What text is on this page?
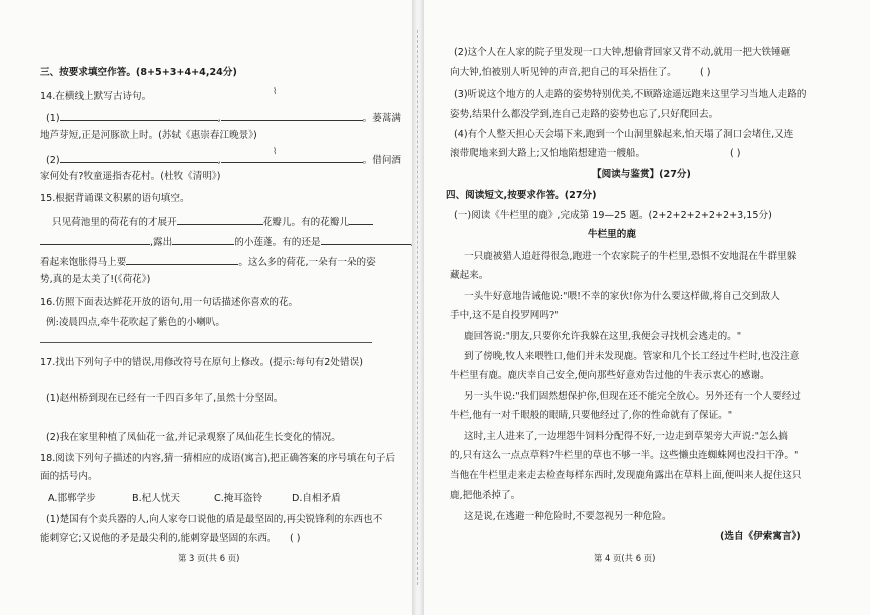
三、按要求填空作答。(8+5+3+4+4,24分)
14.在横线上默写古诗句。
(1)	,	。蒌蒿满
地芦芽短,正是河豚欲上时。(苏轼《惠崇春江晚景》)
(2)	,	。借问酒
家何处有?牧童遥指杏花村。(杜牧《清明》)
⌇
⌇
15.根据背诵课文积累的语句填空。
只见荷池里的荷花有的才展开	花瓣儿。有的花瓣儿
,露出	的小莲蓬。有的还是
看起来饱胀得马上要	。这么多的荷花,一朵有一朵的姿
势,真的是太美了!(《荷花》)
16.仿照下面表达鲜花开放的语句,用一句话描述你喜欢的花。
例:凌晨四点,牵牛花吹起了紫色的小喇叭。
17.找出下列句子中的错误,用修改符号在原句上修改。(提示:每句有2处错误)
(1)赵州桥到现在已经有一千四百多年了,虽然十分坚固。
(2)我在家里种植了凤仙花一盆,并记录观察了凤仙花生长变化的情况。
18.阅读下列句子描述的内容,猜一猜相应的成语(寓言),把正确答案的序号填在句子后
面的括号内。
A.邯郸学步	B.杞人忧天	C.掩耳盗铃	D.自相矛盾
(1)楚国有个卖兵器的人,向人家夸口说他的盾是最坚固的,再尖锐锋利的东西也不
能刺穿它;又说他的矛是最尖利的,能刺穿最坚固的东西。 ( )
第 3 页(共 6 页)
(2)这个人在人家的院子里发现一口大钟,想偷背回家又背不动,就用一把大铁锤砸
向大钟,怕被别人听见钟的声音,把自己的耳朵捂住了。 ( )
(3)听说这个地方的人走路的姿势特别优美,不顾路途遥远跑来这里学习当地人走路的
姿势,结果什么都没学到,连自己走路的姿势也忘了,只好爬回去。
(4)有个人整天担心天会塌下来,跑到一个山洞里躲起来,怕天塌了洞口会堵住,又连
滚带爬地来到大路上;又怕地陷想建造一艘船。	( )
【阅读与鉴赏】(27分)
四、阅读短文,按要求作答。(27分)
(一)阅读《牛栏里的鹿》,完成第 19—25 题。(2+2+2+2+2+2+3,15分)
牛栏里的鹿
一只鹿被猎人追赶得很急,跑进一个农家院子的牛栏里,恐惧不安地混在牛群里躲
藏起来。
一头牛好意地告诫他说:"喂!不幸的家伙!你为什么要这样做,将自己交到敌人
手中,这不是自投罗网吗?"
鹿回答说:"朋友,只要你允许我躲在这里,我便会寻找机会逃走的。"
到了傍晚,牧人来喂牲口,他们并未发现鹿。管家和几个长工经过牛栏时,也没注意
牛栏里有鹿。鹿庆幸自己安全,便向那些好意劝告过他的牛表示衷心的感谢。
另一头牛说:"我们固然想保护你,但现在还不能完全放心。另外还有一个人要经过
牛栏,他有一对千眼般的眼睛,只要他经过了,你的性命就有了保证。"
这时,主人进来了,一边埋怨牛饲料分配得不好,一边走到草架旁大声说:"怎么搞
的,只有这么一点点草料?牛栏里的草也不够一半。这些懒虫连蜘蛛网也没扫干净。"
当他在牛栏里走来走去检查每样东西时,发现鹿角露出在草料上面,便叫来人捉住这只
鹿,把他杀掉了。
这是说,在逃避一种危险时,不要忽视另一种危险。
(选自《伊索寓言》)
第 4 页(共 6 页)
